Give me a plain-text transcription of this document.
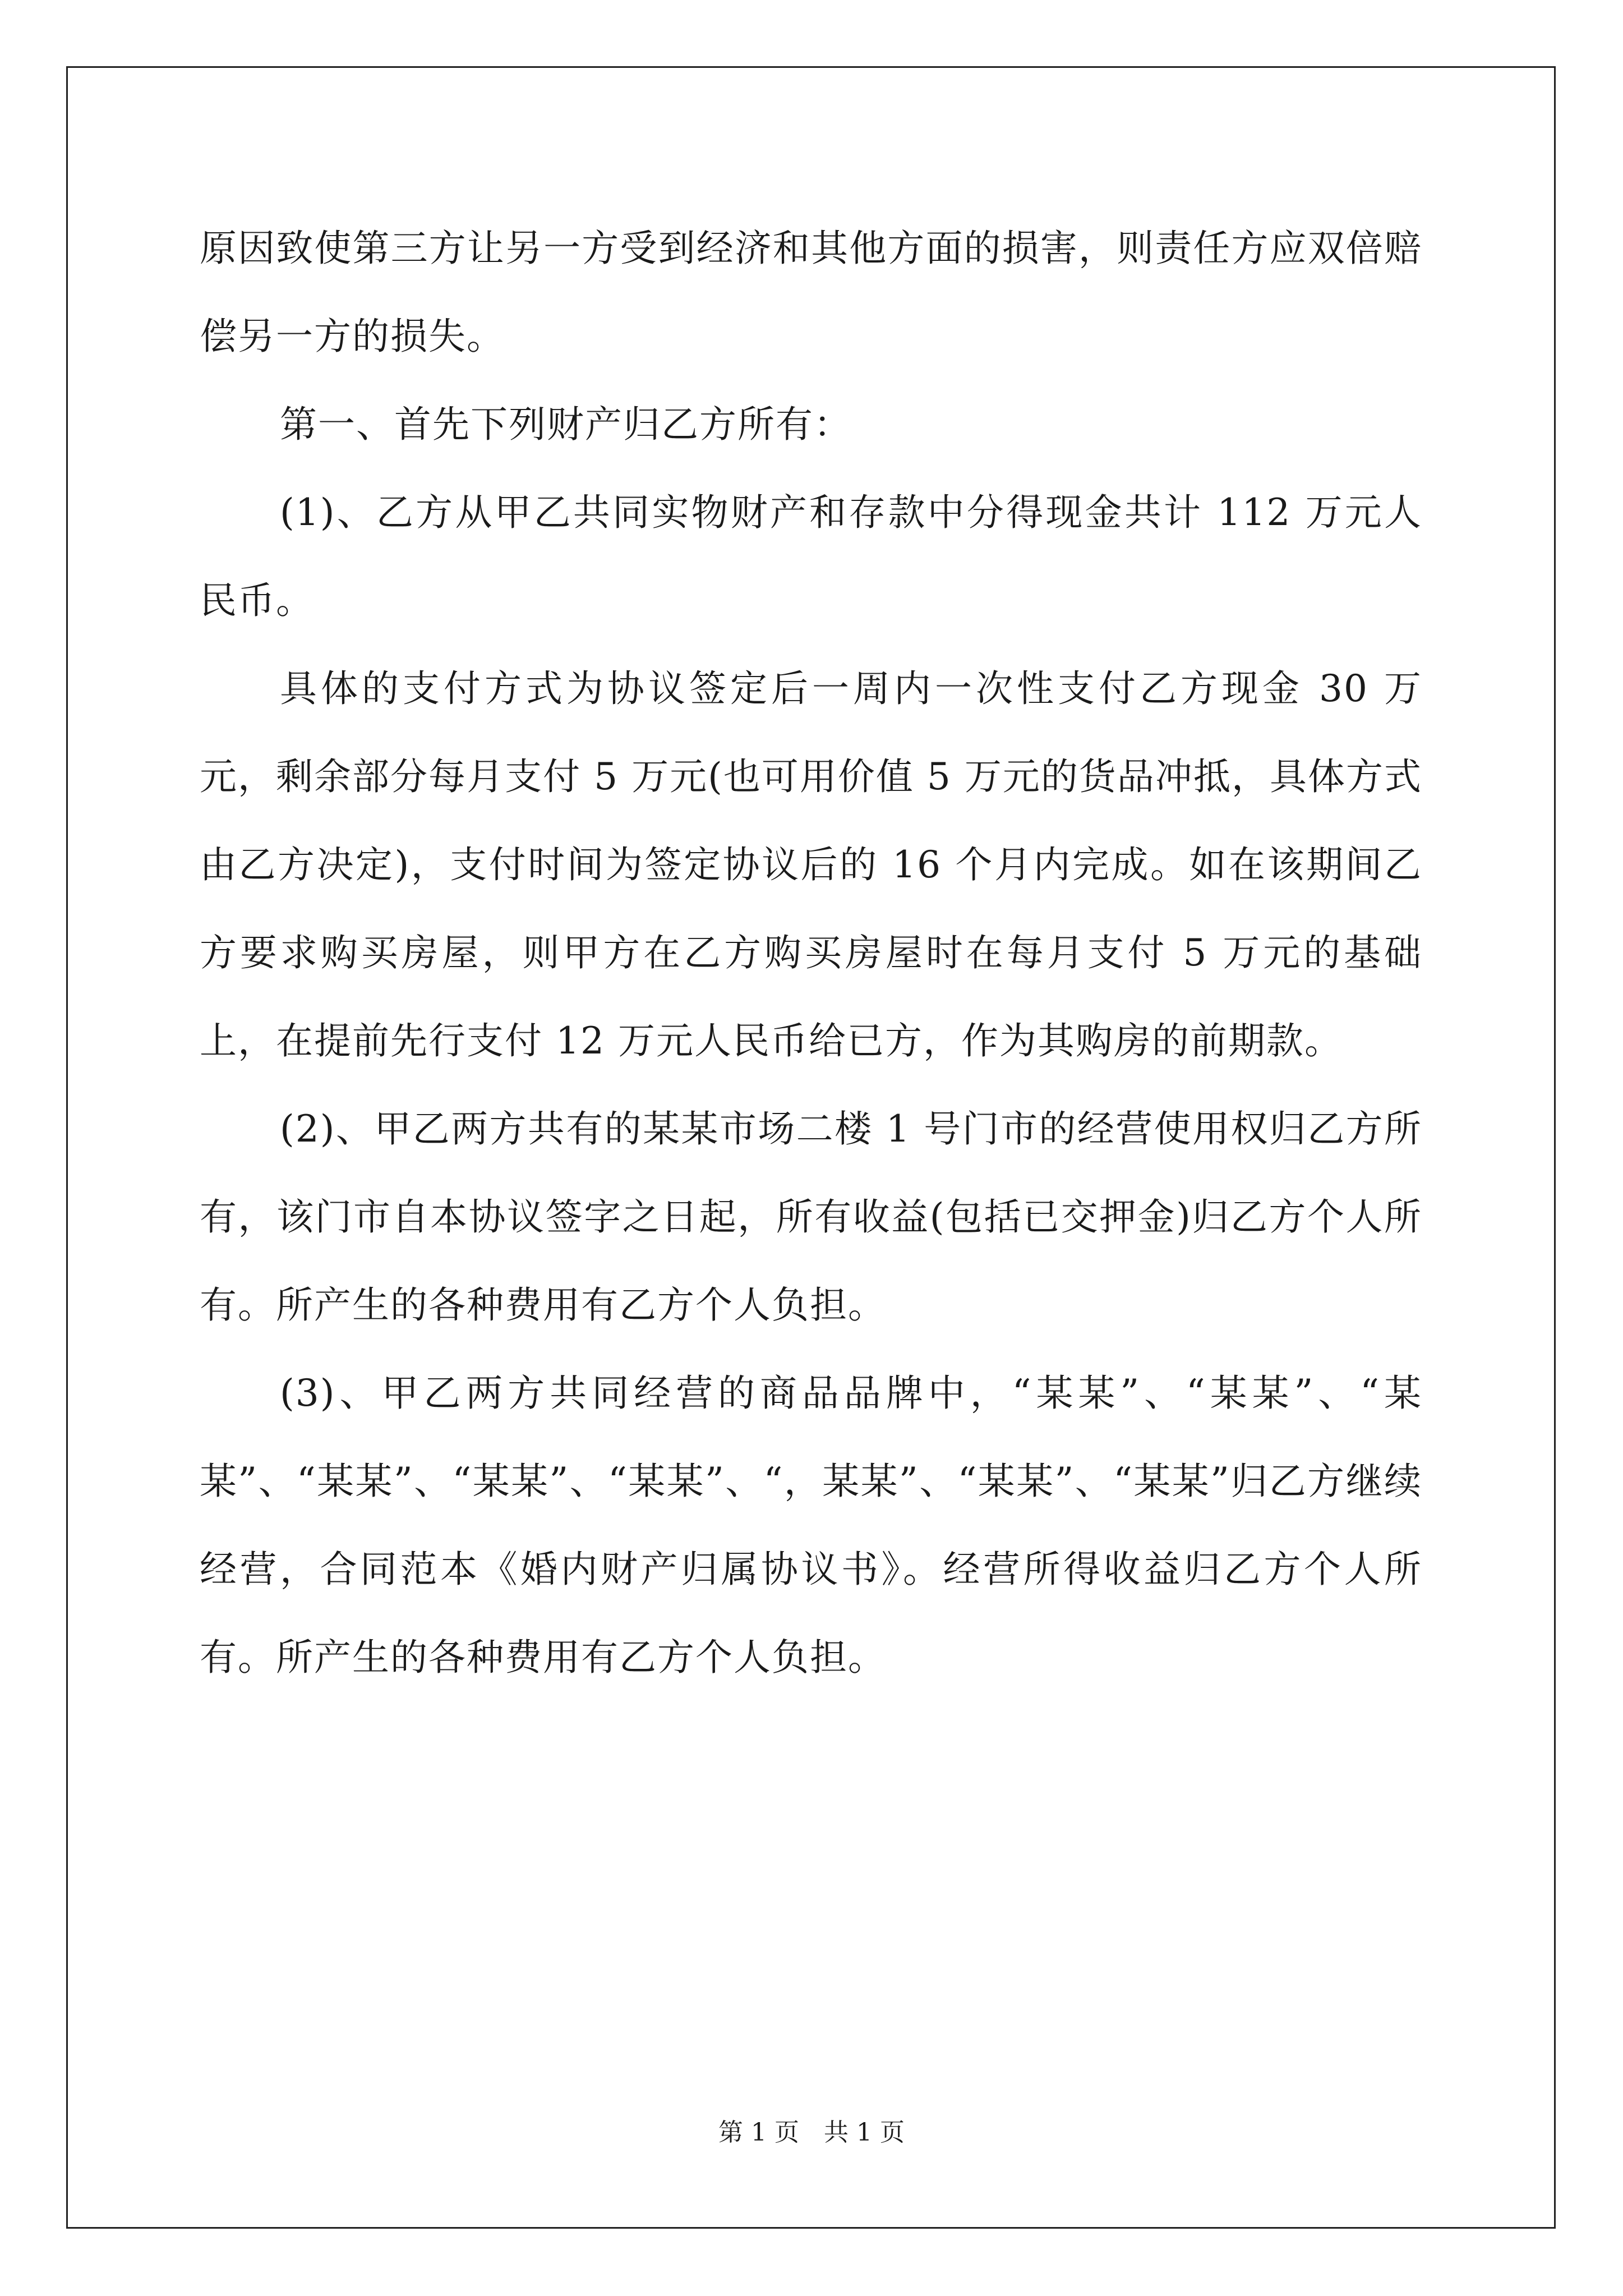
原因致使第三方让另一方受到经济和其他方面的损害，则责任方应双倍赔偿另一方的损失。

第一、首先下列财产归乙方所有：

(1)、乙方从甲乙共同实物财产和存款中分得现金共计 112 万元人民币。

具体的支付方式为协议签定后一周内一次性支付乙方现金 30 万元，剩余部分每月支付 5 万元(也可用价值 5 万元的货品冲抵，具体方式由乙方决定)，支付时间为签定协议后的 16 个月内完成。如在该期间乙方要求购买房屋，则甲方在乙方购买房屋时在每月支付 5 万元的基础上，在提前先行支付 12 万元人民币给已方，作为其购房的前期款。

(2)、甲乙两方共有的某某市场二楼 1 号门市的经营使用权归乙方所有，该门市自本协议签字之日起，所有收益(包括已交押金)归乙方个人所有。所产生的各种费用有乙方个人负担。

(3)、甲乙两方共同经营的商品品牌中，“某某”、“某某”、“某某”、“某某”、“某某”、“某某”、“，某某”、“某某”、“某某”归乙方继续经营，合同范本《婚内财产归属协议书》。经营所得收益归乙方个人所有。所产生的各种费用有乙方个人负担。

第 1 页 共 1 页
